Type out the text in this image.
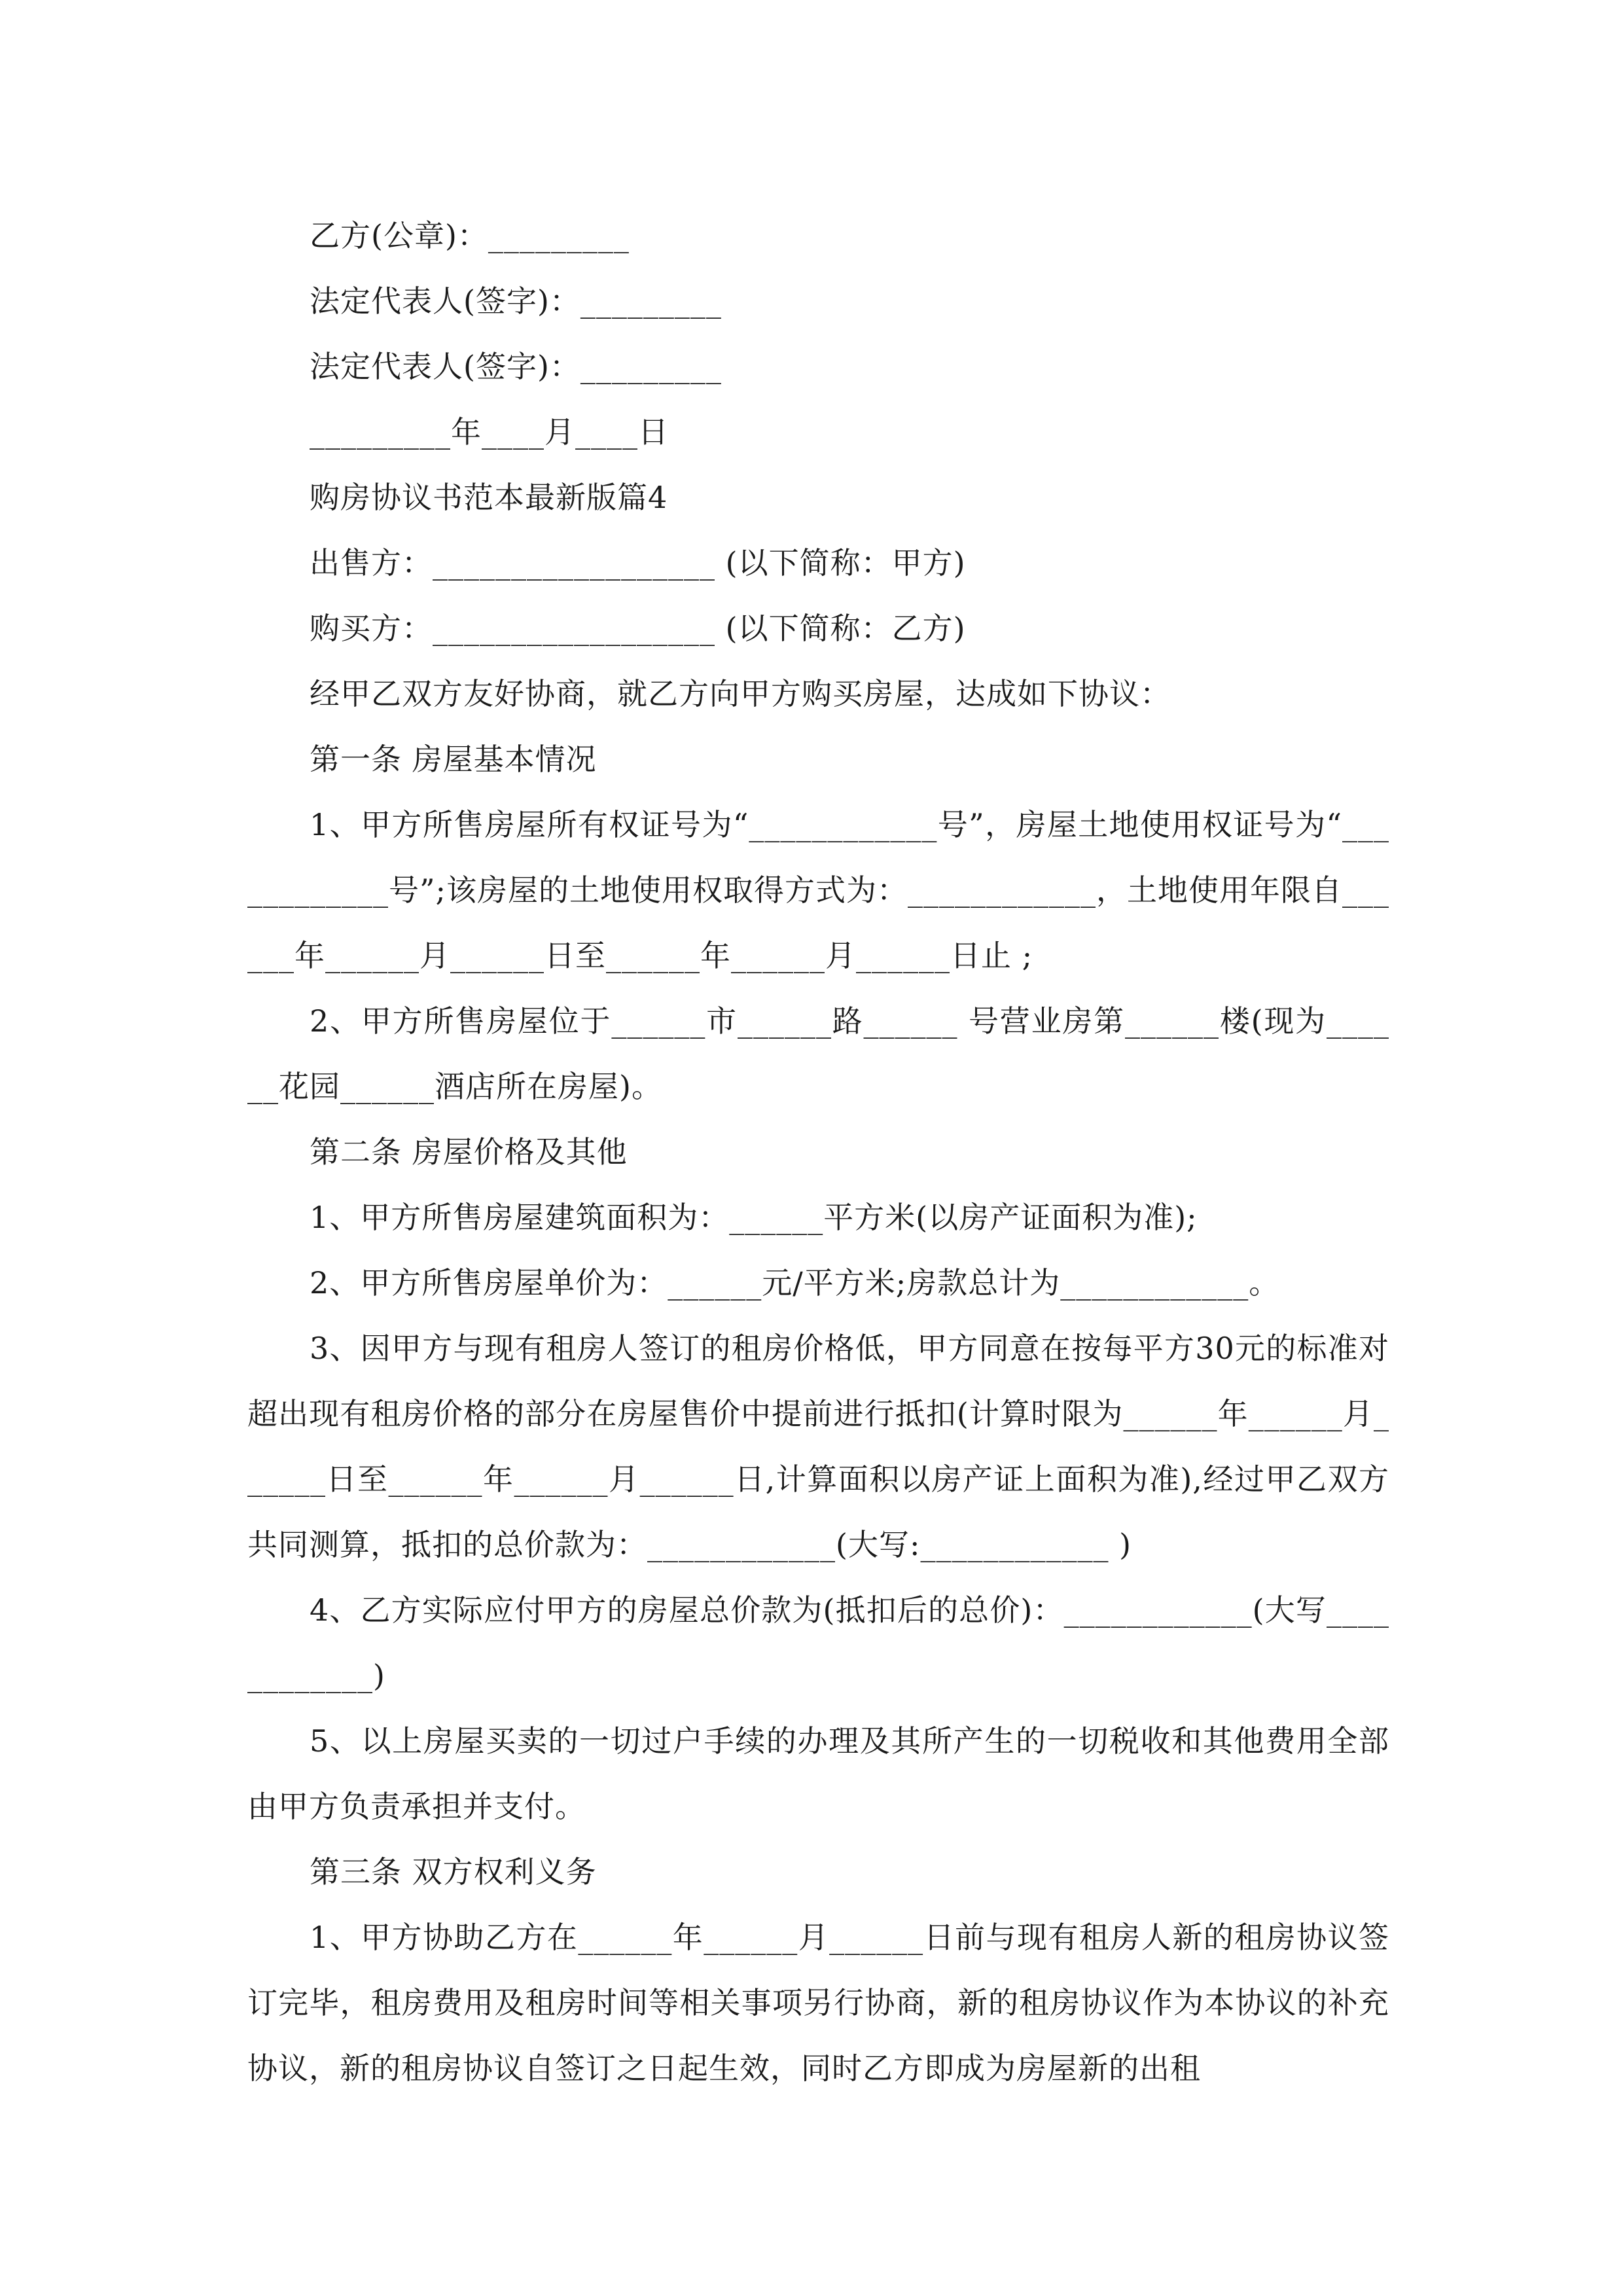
乙方(公章)：_________
法定代表人(签字)：_________
法定代表人(签字)：_________
_________年____月____日
购房协议书范本最新版篇4
出售方：__________________ (以下简称：甲方)
购买方：__________________ (以下简称：乙方)
经甲乙双方友好协商，就乙方向甲方购买房屋，达成如下协议：
第一条 房屋基本情况
1、甲方所售房屋所有权证号为“____________号”，房屋土地使用权证号为“____________号”;该房屋的土地使用权取得方式为：____________，土地使用年限自______年______月______日至______年______月______日止 ;
2、甲方所售房屋位于______市______路______ 号营业房第______楼(现为______花园______酒店所在房屋)。
第二条 房屋价格及其他
1、甲方所售房屋建筑面积为：______平方米(以房产证面积为准);
2、甲方所售房屋单价为：______元/平方米;房款总计为____________。
3、因甲方与现有租房人签订的租房价格低，甲方同意在按每平方30元的标准对超出现有租房价格的部分在房屋售价中提前进行抵扣(计算时限为______年______月______日至______年______月______日,计算面积以房产证上面积为准),经过甲乙双方共同测算，抵扣的总价款为：____________(大写:____________ )
4、乙方实际应付甲方的房屋总价款为(抵扣后的总价)：____________(大写____________)
5、以上房屋买卖的一切过户手续的办理及其所产生的一切税收和其他费用全部由甲方负责承担并支付。
第三条 双方权利义务
1、甲方协助乙方在______年______月______日前与现有租房人新的租房协议签订完毕，租房费用及租房时间等相关事项另行协商，新的租房协议作为本协议的补充协议，新的租房协议自签订之日起生效，同时乙方即成为房屋新的出租
